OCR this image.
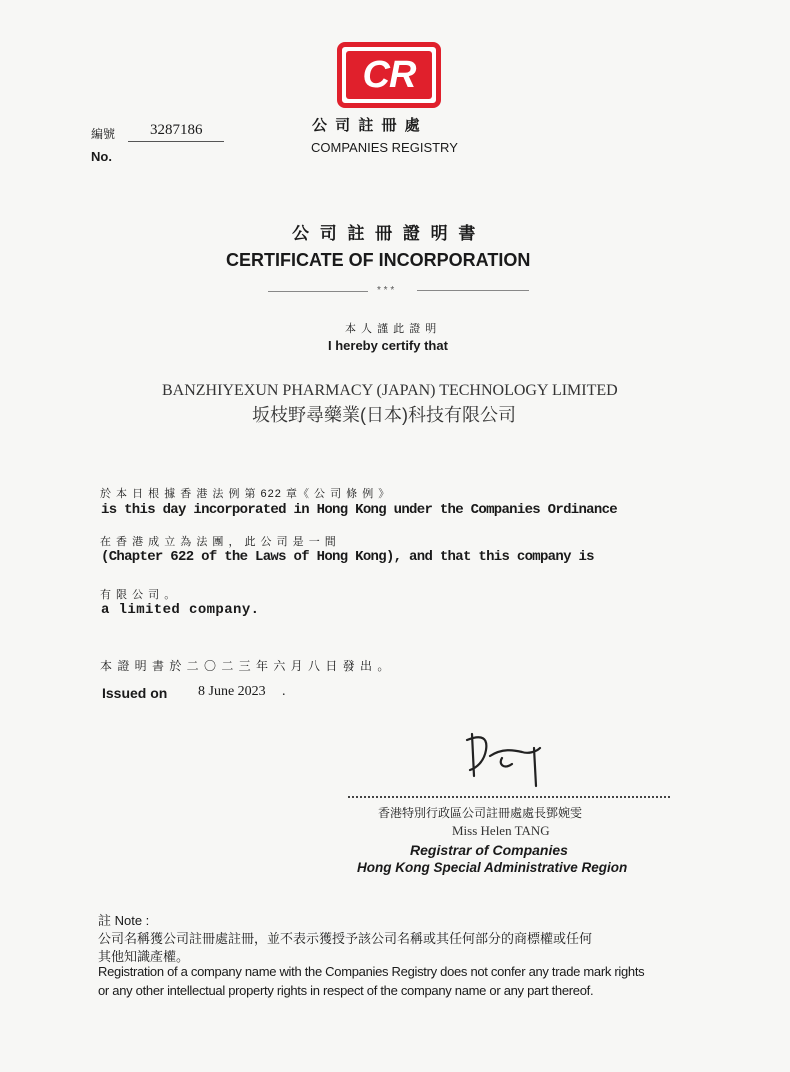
CR
公 司 註 冊 處
COMPANIES REGISTRY
編號 3287186
No.
公 司 註 冊 證 明 書
CERTIFICATE OF INCORPORATION
* * *
本 人 謹 此 證 明
I hereby certify that
BANZHIYEXUN PHARMACY (JAPAN) TECHNOLOGY LIMITED
坂枝野尋藥業(日本)科技有限公司
於 本 日 根 據 香 港 法 例 第 622 章《 公 司 條 例 》
is this day incorporated in Hong Kong under the Companies Ordinance
在 香 港 成 立 為 法 團 ， 此 公 司 是 一 間
(Chapter 622 of the Laws of Hong Kong), and that this company is
有 限 公 司 。
a limited company.
本 證 明 書 於 二 〇 二 三 年 六 月 八 日 發 出 。
Issued on 8 June 2023 .
香港特別行政區公司註冊處處長鄧婉雯
Miss Helen TANG
Registrar of Companies
Hong Kong Special Administrative Region
註 Note :
公司名稱獲公司註冊處註冊，並不表示獲授予該公司名稱或其任何部分的商標權或任何
其他知識產權。
Registration of a company name with the Companies Registry does not confer any trade mark rights
or any other intellectual property rights in respect of the company name or any part thereof.
